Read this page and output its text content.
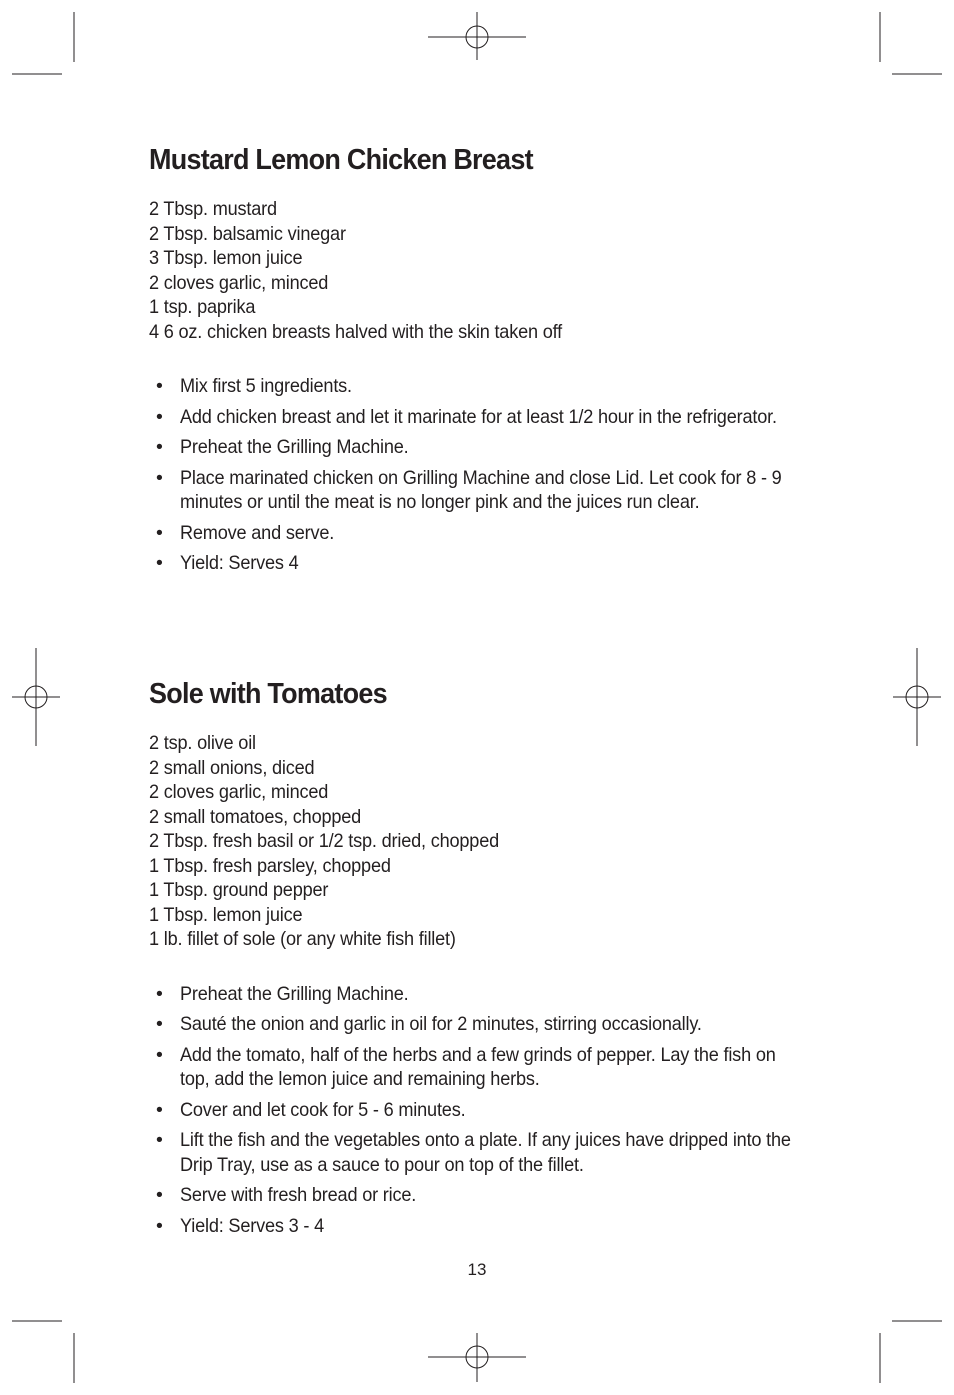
Mustard Lemon Chicken Breast
2 Tbsp. mustard
2 Tbsp. balsamic vinegar
3 Tbsp. lemon juice
2 cloves garlic, minced
1 tsp. paprika
4 6 oz. chicken breasts halved with the skin taken off
• Mix first 5 ingredients.
• Add chicken breast and let it marinate for at least 1/2 hour in the refrigerator.
• Preheat the Grilling Machine.
• Place marinated chicken on Grilling Machine and close Lid. Let cook for 8 - 9 minutes or until the meat is no longer pink and the juices run clear.
• Remove and serve.
• Yield: Serves 4
Sole with Tomatoes
2 tsp. olive oil
2 small onions, diced
2 cloves garlic, minced
2 small tomatoes, chopped
2 Tbsp. fresh basil or 1/2 tsp. dried, chopped
1 Tbsp. fresh parsley, chopped
1 Tbsp. ground pepper
1 Tbsp. lemon juice
1 lb. fillet of sole (or any white fish fillet)
• Preheat the Grilling Machine.
• Sauté the onion and garlic in oil for 2 minutes, stirring occasionally.
• Add the tomato, half of the herbs and a few grinds of pepper. Lay the fish on top, add the lemon juice and remaining herbs.
• Cover and let cook for 5 - 6 minutes.
• Lift the fish and the vegetables onto a plate. If any juices have dripped into the Drip Tray, use as a sauce to pour on top of the fillet.
• Serve with fresh bread or rice.
• Yield: Serves 3 - 4
13
